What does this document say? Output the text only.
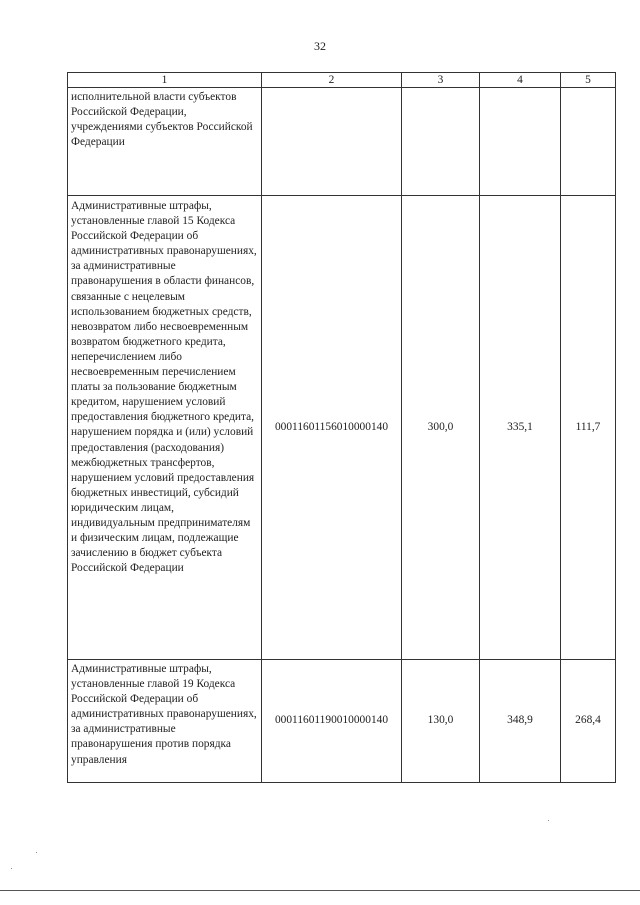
32
1	2	3	4	5
исполнительной власти субъектов Российской Федерации, учреждениями субъектов Российской Федерации				
Административные штрафы, установленные главой 15 Кодекса Российской Федерации об административных правонарушениях, за административные правонарушения в области финансов, связанные с нецелевым использованием бюджетных средств, невозвратом либо несвоевременным возвратом бюджетного кредита, неперечислением либо несвоевременным перечислением платы за пользование бюджетным кредитом, нарушением условий предоставления бюджетного кредита, нарушением порядка и (или) условий предоставления (расходования) межбюджетных трансфертов, нарушением условий предоставления бюджетных инвестиций, субсидий юридическим лицам, индивидуальным предпринимателям и физическим лицам, подлежащие зачислению в бюджет субъекта Российской Федерации	00011601156010000140	300,0	335,1	111,7
Административные штрафы, установленные главой 19 Кодекса Российской Федерации об административных правонарушениях, за административные правонарушения против порядка управления	00011601190010000140	130,0	348,9	268,4
